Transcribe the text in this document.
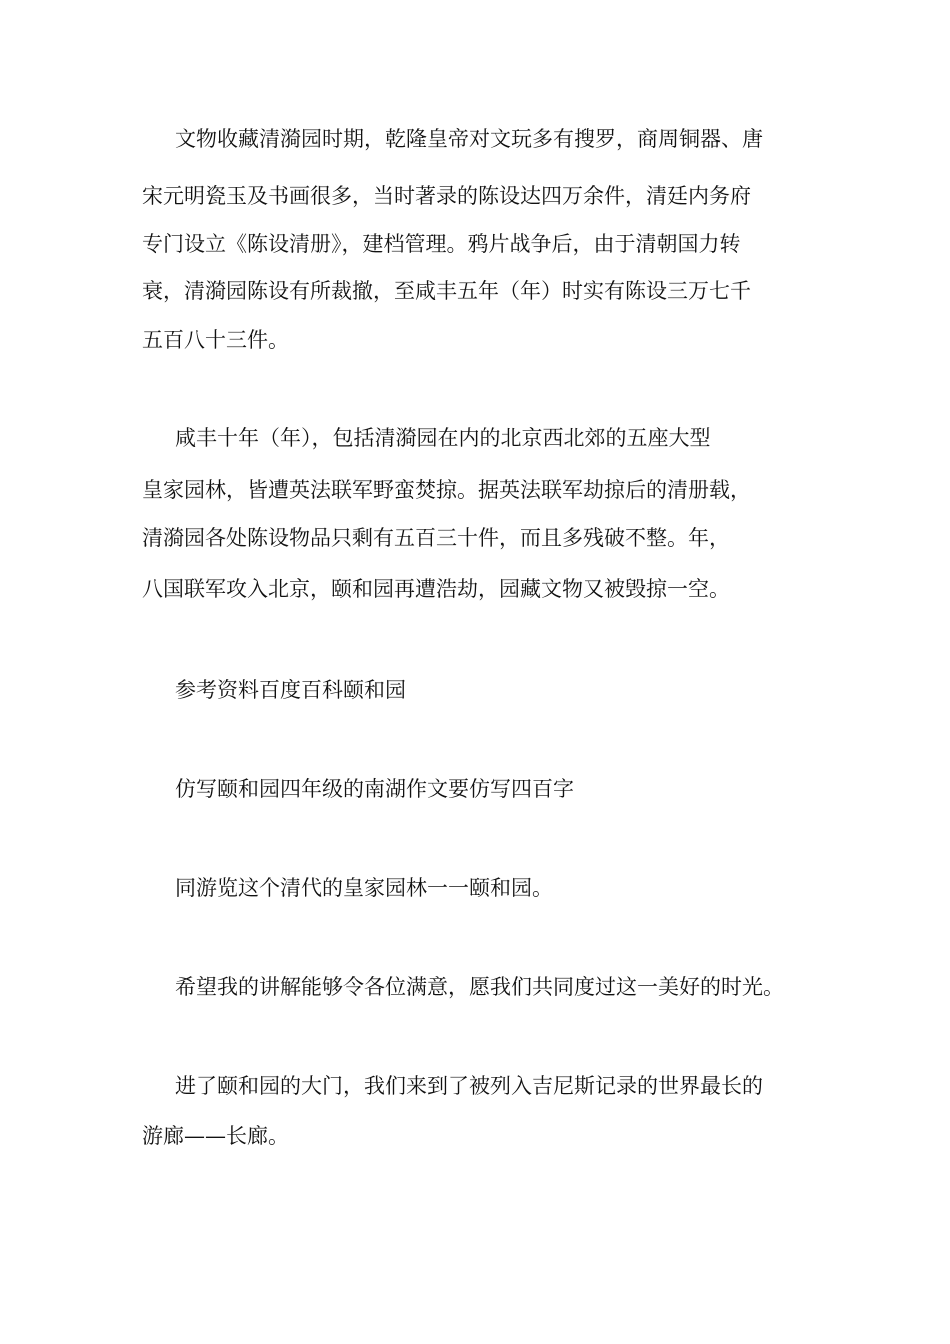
文物收藏清漪园时期，乾隆皇帝对文玩多有搜罗，商周铜器、唐

宋元明瓷玉及书画很多，当时著录的陈设达四万余件，清廷内务府

专门设立《陈设清册》，建档管理。鸦片战争后，由于清朝国力转

衰，清漪园陈设有所裁撤，至咸丰五年（年）时实有陈设三万七千

五百八十三件。

咸丰十年（年），包括清漪园在内的北京西北郊的五座大型

皇家园林，皆遭英法联军野蛮焚掠。据英法联军劫掠后的清册载，

清漪园各处陈设物品只剩有五百三十件，而且多残破不整。年，

八国联军攻入北京，颐和园再遭浩劫，园藏文物又被毁掠一空。

参考资料百度百科颐和园

仿写颐和园四年级的南湖作文要仿写四百字

同游览这个清代的皇家园林一一颐和园。

希望我的讲解能够令各位满意，愿我们共同度过这一美好的时光。

进了颐和园的大门，我们来到了被列入吉尼斯记录的世界最长的

游廊——长廊。
